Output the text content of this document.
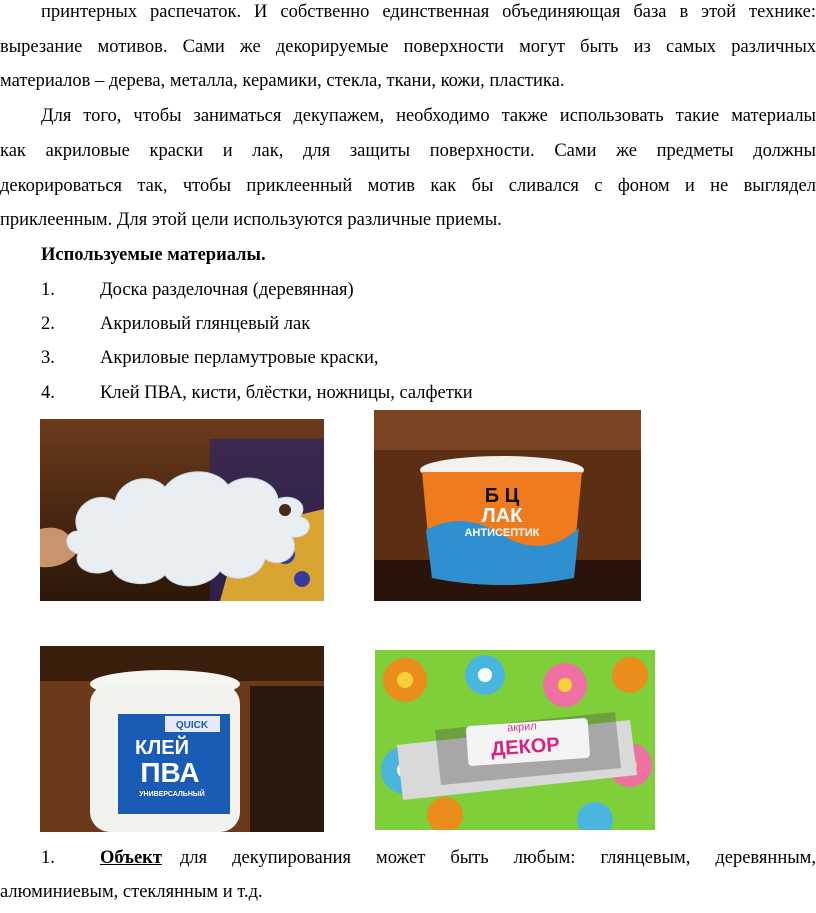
принтерных распечаток. И собственно единственная объединяющая база в этой технике:
вырезание мотивов. Сами же декорируемые поверхности могут быть из самых различных
материалов – дерева, металла, керамики, стекла, ткани, кожи, пластика.
Для того, чтобы заниматься декупажем, необходимо также использовать такие материалы
как акриловые краски и лак, для защиты поверхности. Сами же предметы должны
декорироваться так, чтобы приклеенный мотив как бы сливался с фоном и не выглядел
приклеенным. Для этой цели используются различные приемы.
Используемые материалы.
1. Доска разделочная (деревянная)
2. Акриловый глянцевый лак
3. Акриловые перламутровые краски,
4. Клей ПВА, кисти, блёстки, ножницы, салфетки
Б Ц
ЛАК
АНТИСЕПТИК
QUICK
КЛЕЙ
ПВА
УНИВЕРСАЛЬНЫЙ
акрил
ДЕКОР
1. Объект для декупирования может быть любым: глянцевым, деревянным,
алюминиевым, стеклянным и т.д.
